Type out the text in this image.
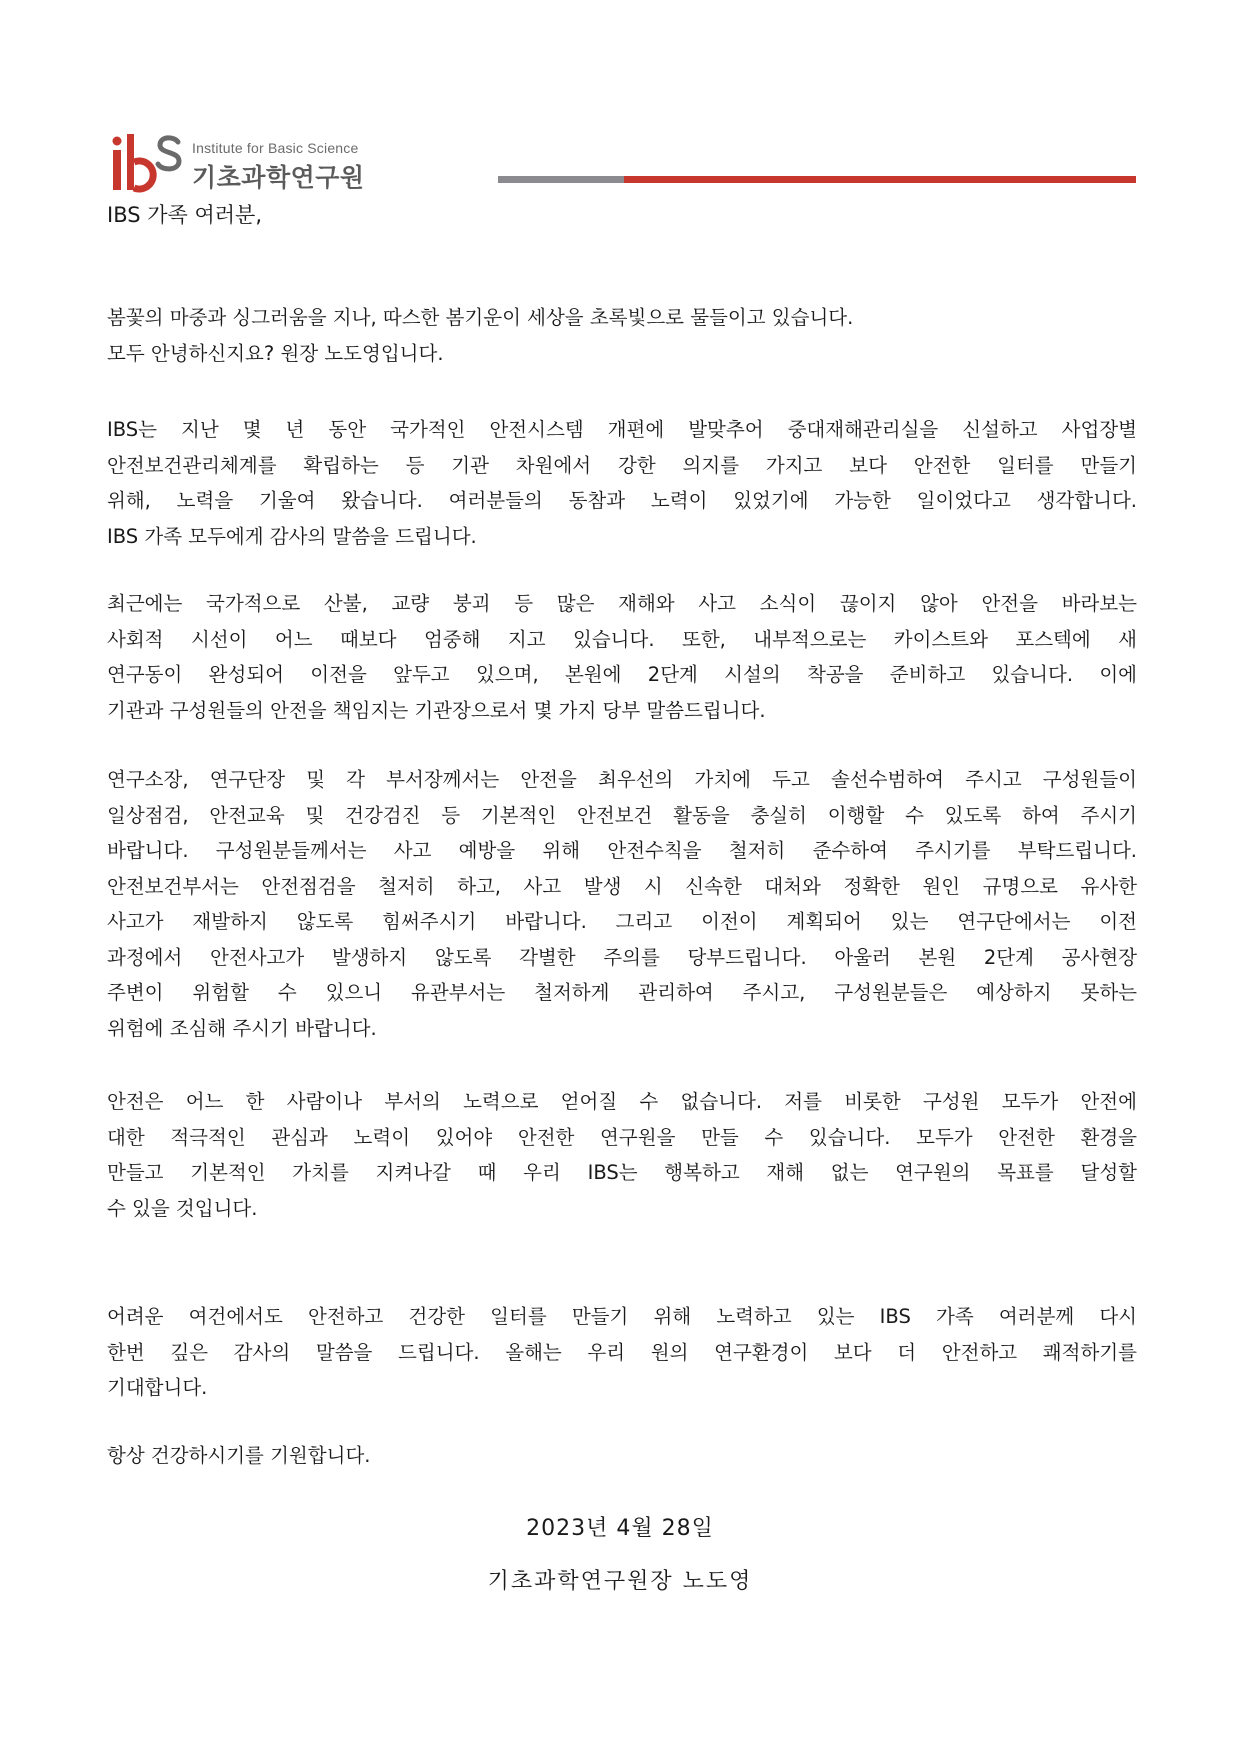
Institute for Basic Science
기초과학연구원
IBS 가족 여러분,
봄꽃의 마중과 싱그러움을 지나, 따스한 봄기운이 세상을 초록빛으로 물들이고 있습니다.
모두 안녕하신지요? 원장 노도영입니다.
IBS는 지난 몇 년 동안 국가적인 안전시스템 개편에 발맞추어 중대재해관리실을 신설하고 사업장별
안전보건관리체계를 확립하는 등 기관 차원에서 강한 의지를 가지고 보다 안전한 일터를 만들기
위해, 노력을 기울여 왔습니다. 여러분들의 동참과 노력이 있었기에 가능한 일이었다고 생각합니다.
IBS 가족 모두에게 감사의 말씀을 드립니다.
최근에는 국가적으로 산불, 교량 붕괴 등 많은 재해와 사고 소식이 끊이지 않아 안전을 바라보는
사회적 시선이 어느 때보다 엄중해 지고 있습니다. 또한, 내부적으로는 카이스트와 포스텍에 새
연구동이 완성되어 이전을 앞두고 있으며, 본원에 2단계 시설의 착공을 준비하고 있습니다. 이에
기관과 구성원들의 안전을 책임지는 기관장으로서 몇 가지 당부 말씀드립니다.
연구소장, 연구단장 및 각 부서장께서는 안전을 최우선의 가치에 두고 솔선수범하여 주시고 구성원들이
일상점검, 안전교육 및 건강검진 등 기본적인 안전보건 활동을 충실히 이행할 수 있도록 하여 주시기
바랍니다. 구성원분들께서는 사고 예방을 위해 안전수칙을 철저히 준수하여 주시기를 부탁드립니다.
안전보건부서는 안전점검을 철저히 하고, 사고 발생 시 신속한 대처와 정확한 원인 규명으로 유사한
사고가 재발하지 않도록 힘써주시기 바랍니다. 그리고 이전이 계획되어 있는 연구단에서는 이전
과정에서 안전사고가 발생하지 않도록 각별한 주의를 당부드립니다. 아울러 본원 2단계 공사현장
주변이 위험할 수 있으니 유관부서는 철저하게 관리하여 주시고, 구성원분들은 예상하지 못하는
위험에 조심해 주시기 바랍니다.
안전은 어느 한 사람이나 부서의 노력으로 얻어질 수 없습니다. 저를 비롯한 구성원 모두가 안전에
대한 적극적인 관심과 노력이 있어야 안전한 연구원을 만들 수 있습니다. 모두가 안전한 환경을
만들고 기본적인 가치를 지켜나갈 때 우리 IBS는 행복하고 재해 없는 연구원의 목표를 달성할
수 있을 것입니다.
어려운 여건에서도 안전하고 건강한 일터를 만들기 위해 노력하고 있는 IBS 가족 여러분께 다시
한번 깊은 감사의 말씀을 드립니다. 올해는 우리 원의 연구환경이 보다 더 안전하고 쾌적하기를
기대합니다.
항상 건강하시기를 기원합니다.
2023년 4월 28일
기초과학연구원장 노도영
